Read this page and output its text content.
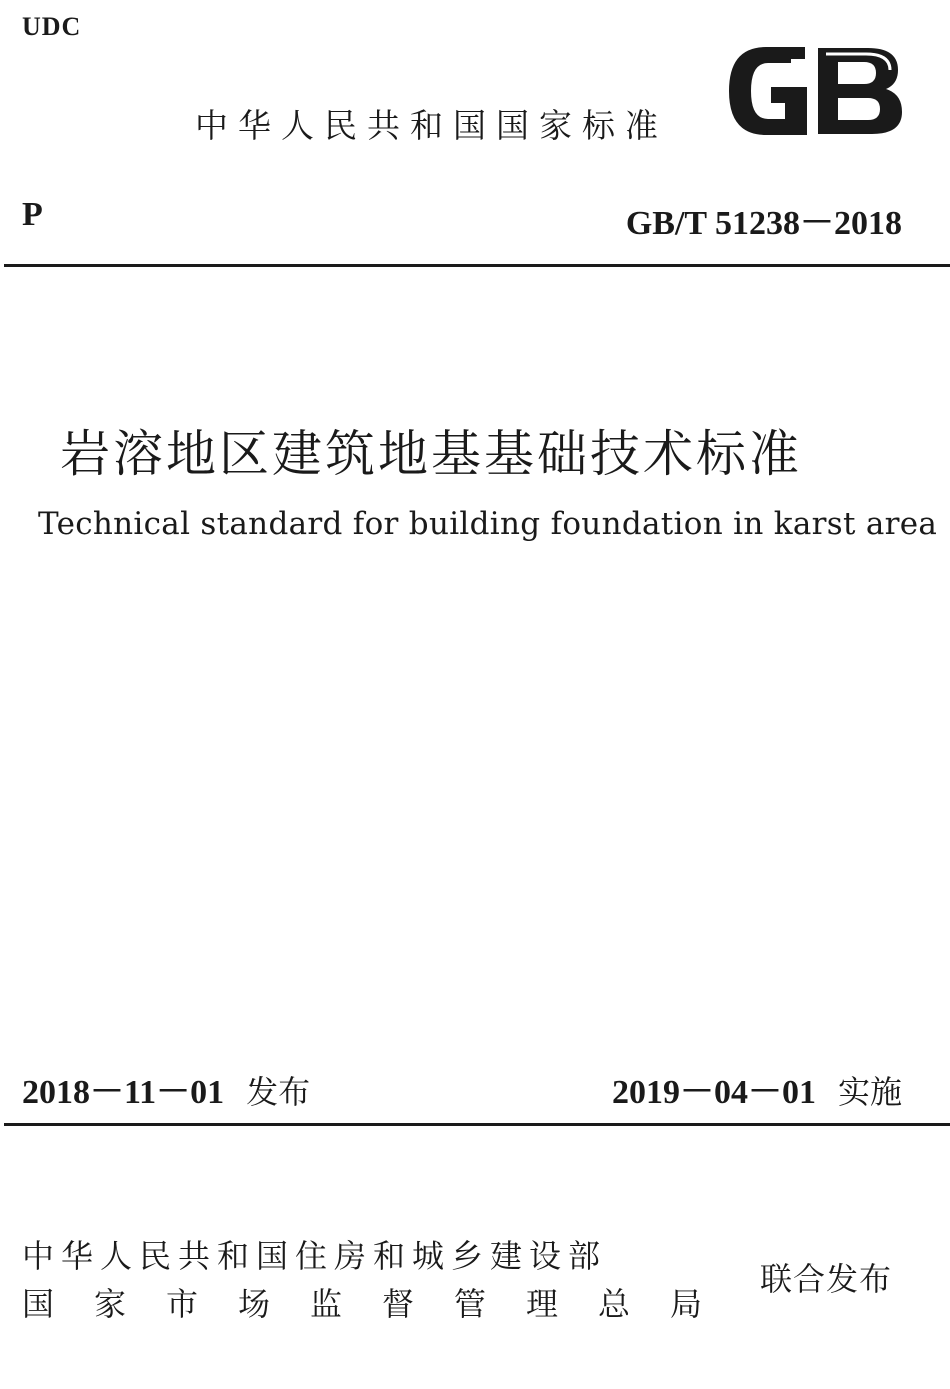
UDC
中华人民共和国国家标准
P	GB/T 51238－2018
岩溶地区建筑地基基础技术标准
Technical standard for building foundation in karst area
2018－11－01 发布	2019－04－01 实施
中华人民共和国住房和城乡建设部
国家市场监督管理总局
联合发布
